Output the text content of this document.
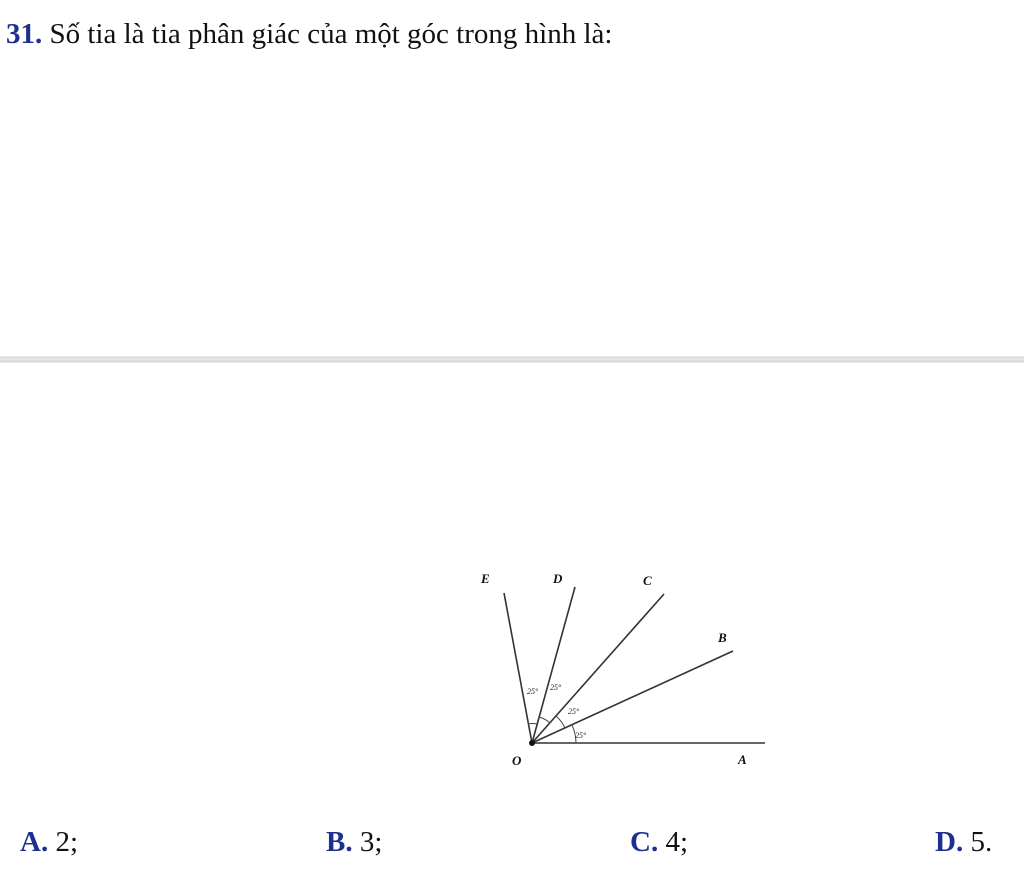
31. Số tia là tia phân giác của một góc trong hình là:
25°
25°
25°
25°
E	D	C
B
A
O
A. 2;	B. 3;	C. 4;	D. 5.
